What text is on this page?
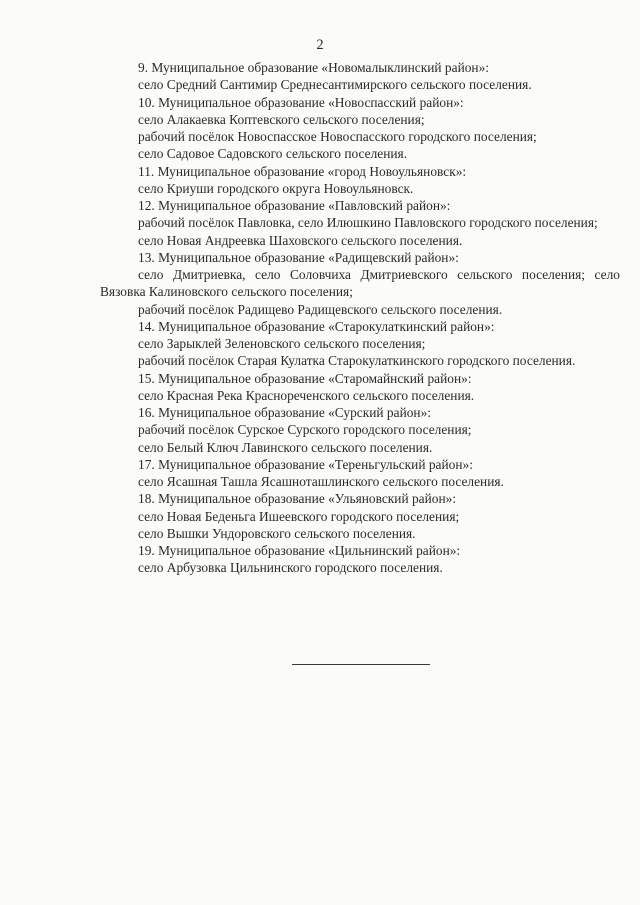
2

9. Муниципальное образование «Новомалыклинский район»:

село Средний Сантимир Среднесантимирского сельского поселения.

10. Муниципальное образование «Новоспасский район»:

село Алакаевка Коптевского сельского поселения;

рабочий посёлок Новоспасское Новоспасского городского поселения;

село Садовое Садовского сельского поселения.

11. Муниципальное образование «город Новоульяновск»:

село Криуши городского округа Новоульяновск.

12. Муниципальное образование «Павловский район»:

рабочий посёлок Павловка, село Илюшкино Павловского городского поселения;

село Новая Андреевка Шаховского сельского поселения.

13. Муниципальное образование «Радищевский район»:

село Дмитриевка, село Соловчиха Дмитриевского сельского поселения; село Вязовка Калиновского сельского поселения;

рабочий посёлок Радищево Радищевского сельского поселения.

14. Муниципальное образование «Старокулаткинский район»:

село Зарыклей Зеленовского сельского поселения;

рабочий посёлок Старая Кулатка Старокулаткинского городского поселения.

15. Муниципальное образование «Старомайнский район»:

село Красная Река Краснореченского сельского поселения.

16. Муниципальное образование «Сурский район»:

рабочий посёлок Сурское Сурского городского поселения;

село Белый Ключ Лавинского сельского поселения.

17. Муниципальное образование «Тереньгульский район»:

село Ясашная Ташла Ясашноташлинского сельского поселения.

18. Муниципальное образование «Ульяновский район»:

село Новая Беденьга Ишеевского городского поселения;

село Вышки Ундоровского сельского поселения.

19. Муниципальное образование «Цильнинский район»:

село Арбузовка Цильнинского городского поселения.
